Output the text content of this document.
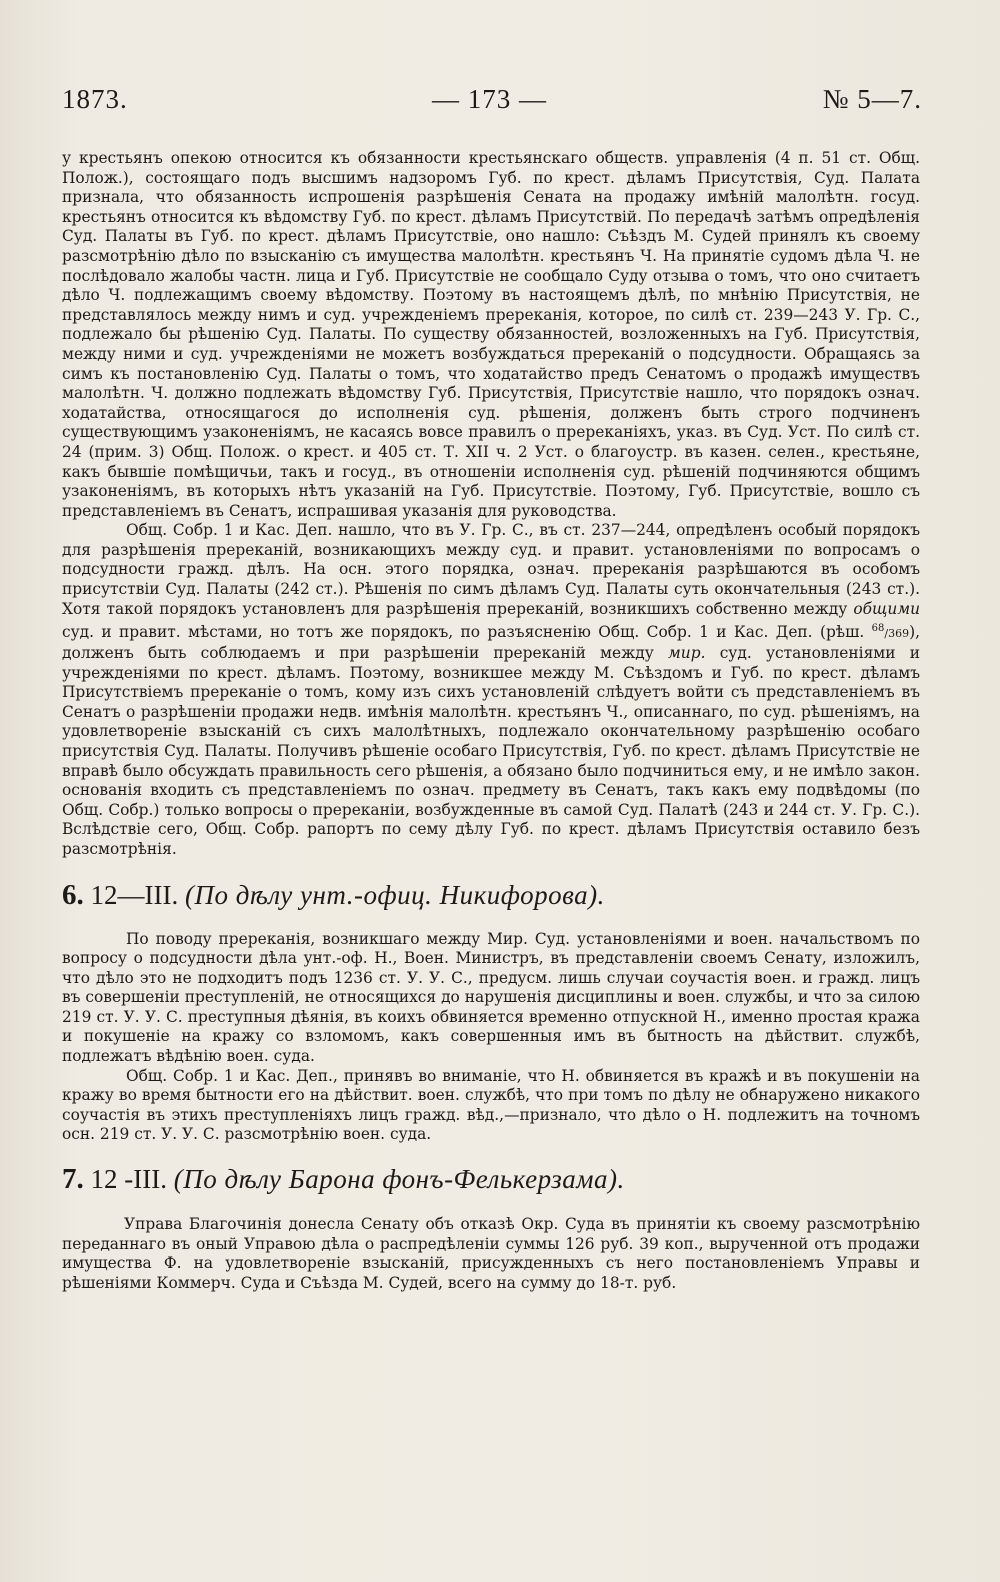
1873.	— 173 —	№ 5—7.

у крестьянъ опекою относится къ обязанности крестьянскаго обществ. управленія (4 п. 51 ст. Общ. Полож.), состоящаго подъ высшимъ надзоромъ Губ. по крест. дѣламъ Присутствія, Суд. Палата признала, что обязанность испрошенія разрѣшенія Сената на продажу имѣній малолѣтн. госуд. крестьянъ относится къ вѣдомству Губ. по крест. дѣламъ Присутствій. По передачѣ затѣмъ опредѣленія Суд. Палаты въ Губ. по крест. дѣламъ Присутствіе, оно нашло: Съѣздъ М. Судей принялъ къ своему разсмотрѣнію дѣло по взысканію съ имущества малолѣтн. крестьянъ Ч. На принятіе судомъ дѣла Ч. не послѣдовало жалобы частн. лица и Губ. Присутствіе не сообщало Суду отзыва о томъ, что оно считаетъ дѣло Ч. подлежащимъ своему вѣдомству. Поэтому въ настоящемъ дѣлѣ, по мнѣнію Присутствія, не представлялось между нимъ и суд. учрежденіемъ пререканія, которое, по силѣ ст. 239—243 У. Гр. С., подлежало бы рѣшенію Суд. Палаты. По существу обязанностей, возложенныхъ на Губ. Присутствія, между ними и суд. учрежденіями не можетъ возбуждаться пререканій о подсудности. Обращаясь за симъ къ постановленію Суд. Палаты о томъ, что ходатайство предъ Сенатомъ о продажѣ имуществъ малолѣтн. Ч. должно подлежать вѣдомству Губ. Присутствія, Присутствіе нашло, что порядокъ означ. ходатайства, относящагося до исполненія суд. рѣшенія, долженъ быть строго подчиненъ существующимъ узаконеніямъ, не касаясь вовсе правилъ о пререканіяхъ, указ. въ Суд. Уст. По силѣ ст. 24 (прим. 3) Общ. Полож. о крест. и 405 ст. Т. XII ч. 2 Уст. о благоустр. въ казен. селен., крестьяне, какъ бывшіе помѣщичьи, такъ и госуд., въ отношеніи исполненія суд. рѣшеній подчиняются общимъ узаконеніямъ, въ которыхъ нѣтъ указаній на Губ. Присутствіе. Поэтому, Губ. Присутствіе, вошло съ представленіемъ въ Сенатъ, испрашивая указанія для руководства.

Общ. Собр. 1 и Кас. Деп. нашло, что въ У. Гр. С., въ ст. 237—244, опредѣленъ особый порядокъ для разрѣшенія пререканій, возникающихъ между суд. и правит. установленіями по вопросамъ о подсудности гражд. дѣлъ. На осн. этого порядка, означ. пререканія разрѣшаются въ особомъ присутствіи Суд. Палаты (242 ст.). Рѣшенія по симъ дѣламъ Суд. Палаты суть окончательныя (243 ст.). Хотя такой порядокъ установленъ для разрѣшенія пререканій, возникшихъ собственно между общими суд. и правит. мѣстами, но тотъ же порядокъ, по разъясненію Общ. Собр. 1 и Кас. Деп. (рѣш. $^{68}$/369), долженъ быть соблюдаемъ и при разрѣшеніи пререканій между мир. суд. установленіями и учрежденіями по крест. дѣламъ. Поэтому, возникшее между М. Съѣздомъ и Губ. по крест. дѣламъ Присутствіемъ пререканіе о томъ, кому изъ сихъ установленій слѣдуетъ войти съ представленіемъ въ Сенатъ о разрѣшеніи продажи недв. имѣнія малолѣтн. крестьянъ Ч., описаннаго, по суд. рѣшеніямъ, на удовлетвореніе взысканій съ сихъ малолѣтныхъ, подлежало окончательному разрѣшенію особаго присутствія Суд. Палаты. Получивъ рѣшеніе особаго Присутствія, Губ. по крест. дѣламъ Присутствіе не вправѣ было обсуждать правильность сего рѣшенія, а обязано было подчиниться ему, и не имѣло закон. основанія входить съ представленіемъ по означ. предмету въ Сенатъ, такъ какъ ему подвѣдомы (по Общ. Собр.) только вопросы о пререканіи, возбужденные въ самой Суд. Палатѣ (243 и 244 ст. У. Гр. С.). Вслѣдствіе сего, Общ. Собр. рапортъ по сему дѣлу Губ. по крест. дѣламъ Присутствія оставило безъ разсмотрѣнія.

6. 12—III. (По дѣлу унт.-офиц. Никифорова).

По поводу пререканія, возникшаго между Мир. Суд. установленіями и воен. начальствомъ по вопросу о подсудности дѣла унт.-оф. Н., Воен. Министръ, въ представленіи своемъ Сенату, изложилъ, что дѣло это не подходитъ подъ 1236 ст. У. У. С., предусм. лишь случаи соучастія воен. и гражд. лицъ въ совершеніи преступленій, не относящихся до нарушенія дисциплины и воен. службы, и что за силою 219 ст. У. У. С. преступныя дѣянія, въ коихъ обвиняется временно отпускной Н., именно простая кража и покушеніе на кражу со взломомъ, какъ совершенныя имъ въ бытность на дѣйствит. службѣ, подлежатъ вѣдѣнію воен. суда.

Общ. Собр. 1 и Кас. Деп., принявъ во вниманіе, что Н. обвиняется въ кражѣ и въ покушеніи на кражу во время бытности его на дѣйствит. воен. службѣ, что при томъ по дѣлу не обнаружено никакого соучастія въ этихъ преступленіяхъ лицъ гражд. вѣд.,—признало, что дѣло о Н. подлежитъ на точномъ осн. 219 ст. У. У. С. разсмотрѣнію воен. суда.

7. 12 -III. (По дѣлу Барона фонъ-Фелькерзама).

Управа Благочинія донесла Сенату объ отказѣ Окр. Суда въ принятіи къ своему разсмотрѣнію переданнаго въ оный Управою дѣла о распредѣленіи суммы 126 руб. 39 коп., вырученной отъ продажи имущества Ф. на удовлетвореніе взысканій, присужденныхъ съ него постановленіемъ Управы и рѣшеніями Коммерч. Суда и Съѣзда М. Судей, всего на сумму до 18-т. руб.
